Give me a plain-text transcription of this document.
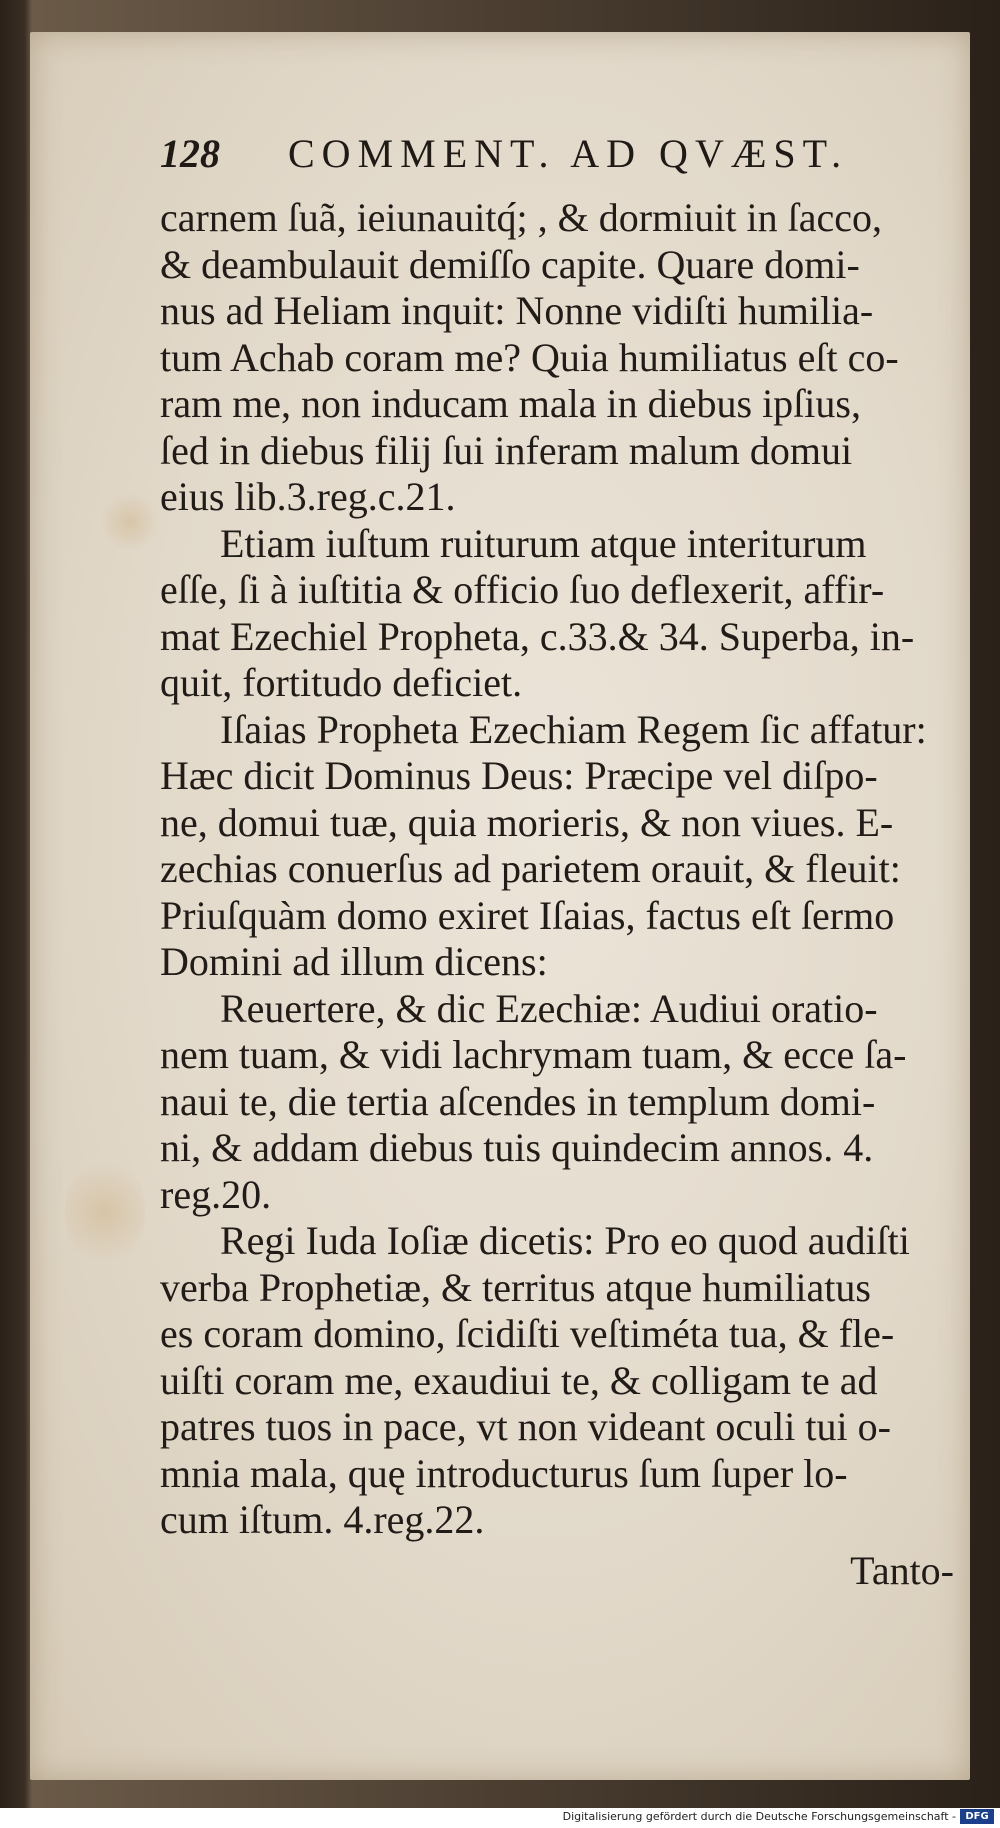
128 COMMENT. AD QVÆST.
carnem ſuã, ieiunauitq́; , & dormiuit in ſacco,
& deambulauit demiſſo capite. Quare domi-
nus ad Heliam inquit: Nonne vidiſti humilia-
tum Achab coram me? Quia humiliatus eſt co-
ram me, non inducam mala in diebus ipſius,
ſed in diebus filij ſui inferam malum domui
eius lib.3.reg.c.21.
Etiam iuſtum ruiturum atque interiturum
eſſe, ſi à iuſtitia & officio ſuo deflexerit, affir-
mat Ezechiel Propheta, c.33.& 34. Superba, in-
quit, fortitudo deficiet.
Iſaias Propheta Ezechiam Regem ſic affatur:
Hæc dicit Dominus Deus: Præcipe vel diſpo-
ne, domui tuæ, quia morieris, & non viues. E-
zechias conuerſus ad parietem orauit, & fleuit:
Priuſquàm domo exiret Iſaias, factus eſt ſermo
Domini ad illum dicens:
Reuertere, & dic Ezechiæ: Audiui oratio-
nem tuam, & vidi lachrymam tuam, & ecce ſa-
naui te, die tertia aſcendes in templum domi-
ni, & addam diebus tuis quindecim annos. 4.
reg.20.
Regi Iuda Ioſiæ dicetis: Pro eo quod audiſti
verba Prophetiæ, & territus atque humiliatus
es coram domino, ſcidiſti veſtiméta tua, & fle-
uiſti coram me, exaudiui te, & colligam te ad
patres tuos in pace, vt non videant oculi tui o-
mnia mala, quę introducturus ſum ſuper lo-
cum iſtum. 4.reg.22.
Tanto-
Digitalisierung gefördert durch die Deutsche Forschungsgemeinschaft - DFG
